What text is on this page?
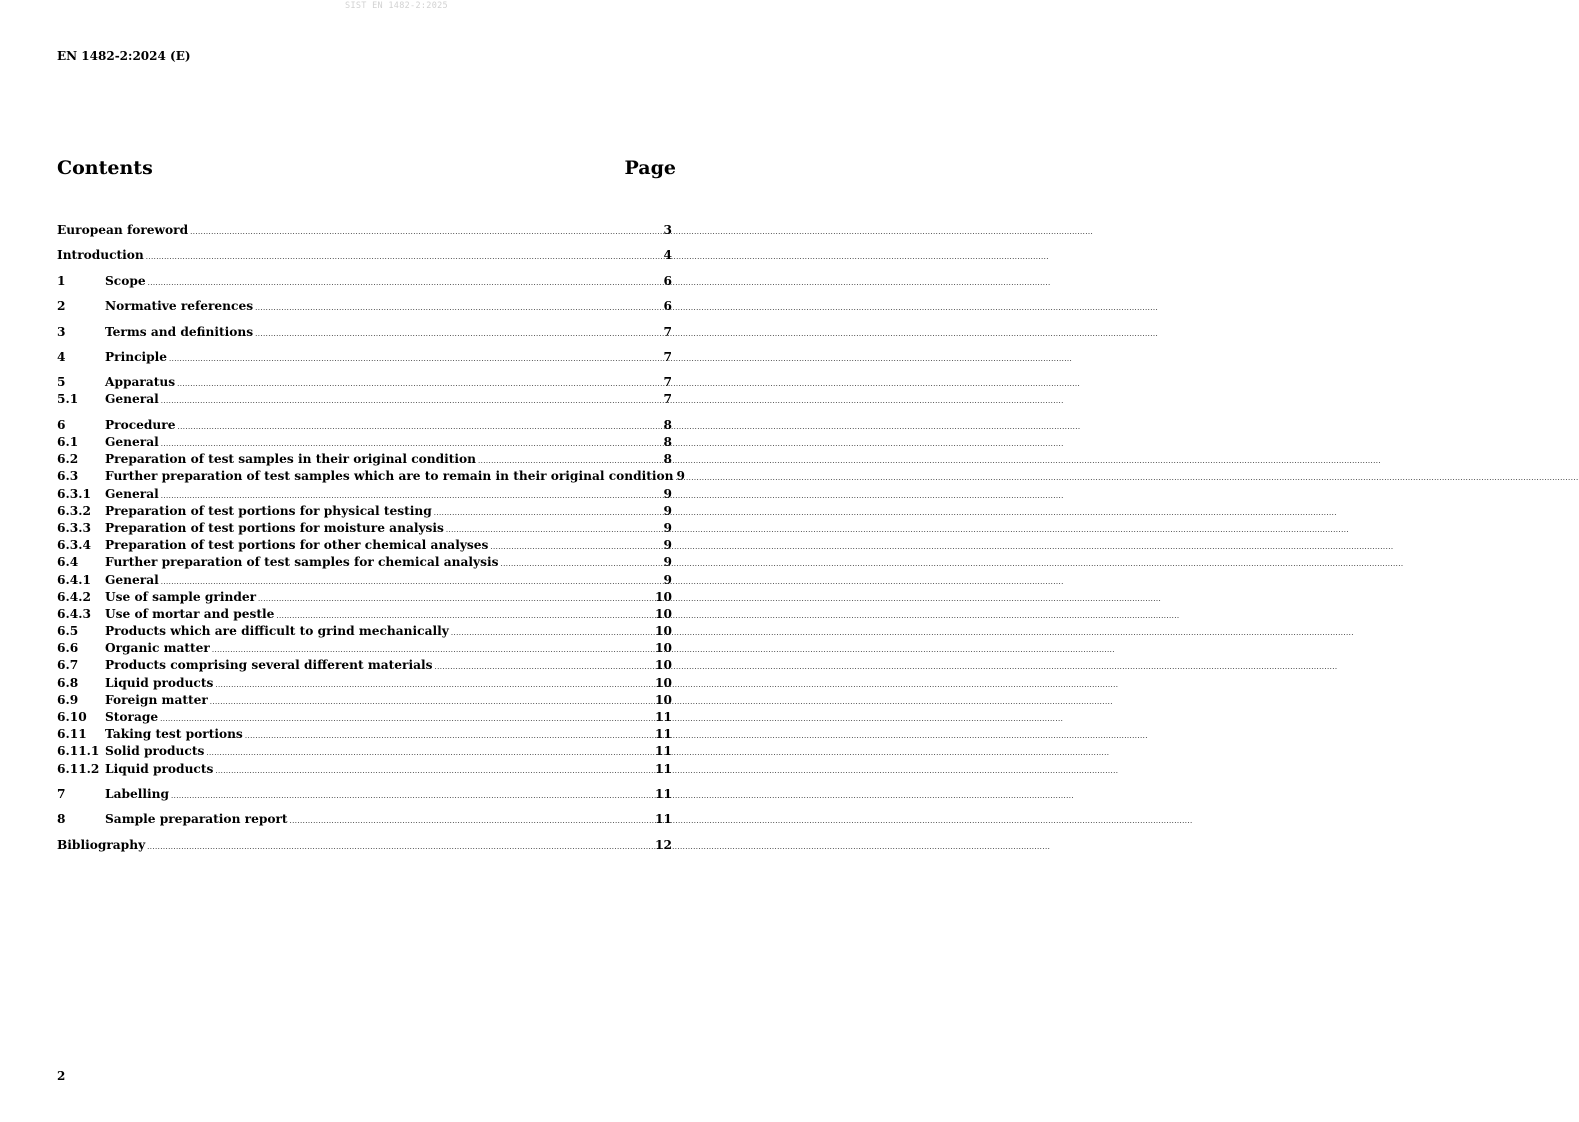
SIST EN 1482-2:2025
EN 1482-2:2024 (E)
Contents	Page
European foreword .....	3
Introduction .....	4
1	Scope .....	6
2	Normative references .....	6
3	Terms and definitions .....	7
4	Principle .....	7
5	Apparatus .....	7
5.1	General .....	7
6	Procedure .....	8
6.1	General .....	8
6.2	Preparation of test samples in their original condition .....	8
6.3	Further preparation of test samples which are to remain in their original condition 9
6.3.1	General .....	9
6.3.2	Preparation of test portions for physical testing .....	9
6.3.3	Preparation of test portions for moisture analysis .....	9
6.3.4	Preparation of test portions for other chemical analyses .....	9
6.4	Further preparation of test samples for chemical analysis .....	9
6.4.1	General .....	9
6.4.2	Use of sample grinder .....	10
6.4.3	Use of mortar and pestle .....	10
6.5	Products which are difficult to grind mechanically .....	10
6.6	Organic matter .....	10
6.7	Products comprising several different materials .....	10
6.8	Liquid products .....	10
6.9	Foreign matter .....	10
6.10	Storage .....	11
6.11	Taking test portions .....	11
6.11.1 Solid products .....	11
6.11.2 Liquid products .....	11
7	Labelling .....	11
8	Sample preparation report .....	11
Bibliography .....	12
2
